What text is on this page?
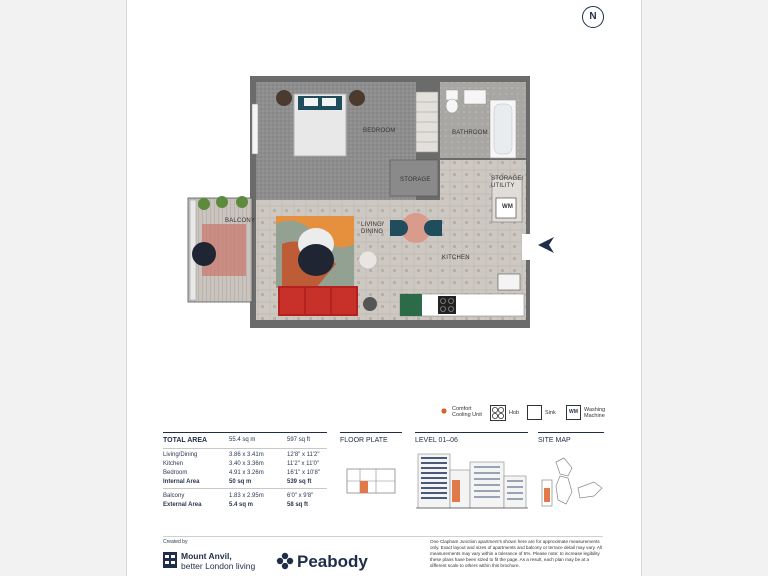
N
BEDROOM	BATHROOM
STORAGE	STORAGE/
UTILITY
WM
BALCONY
LIVING/
DINING
KITCHEN
Comfort
Cooling Unit	Hob	Sink	WM	Washing
Machine
TOTAL AREA	55.4 sq m	597 sq ft
Living/Dining	3.86 x 3.41m	12'8" x 11'2"
Kitchen	3.40 x 3.36m	11'2" x 11'0"
Bedroom	4.91 x 3.26m	16'1" x 10'8"
Internal Area	50 sq m	539 sq ft
Balcony	1.83 x 2.95m	6'0" x 9'8"
External Area	5.4 sq m	58 sq ft
FLOOR PLATE	LEVEL 01–06	SITE MAP
Created by
Mount Anvil,
better London living Peabody
One Clapham Junction apartment's shown here are for approximate measurements only. Exact layout and sizes of apartments and balcony or terrace detail may vary. All measurements may vary within a tolerance of 5%. Please note: to increase legibility these plans have been sized to fit the page. As a result, each plan may be at a different scale to others within this brochure.
